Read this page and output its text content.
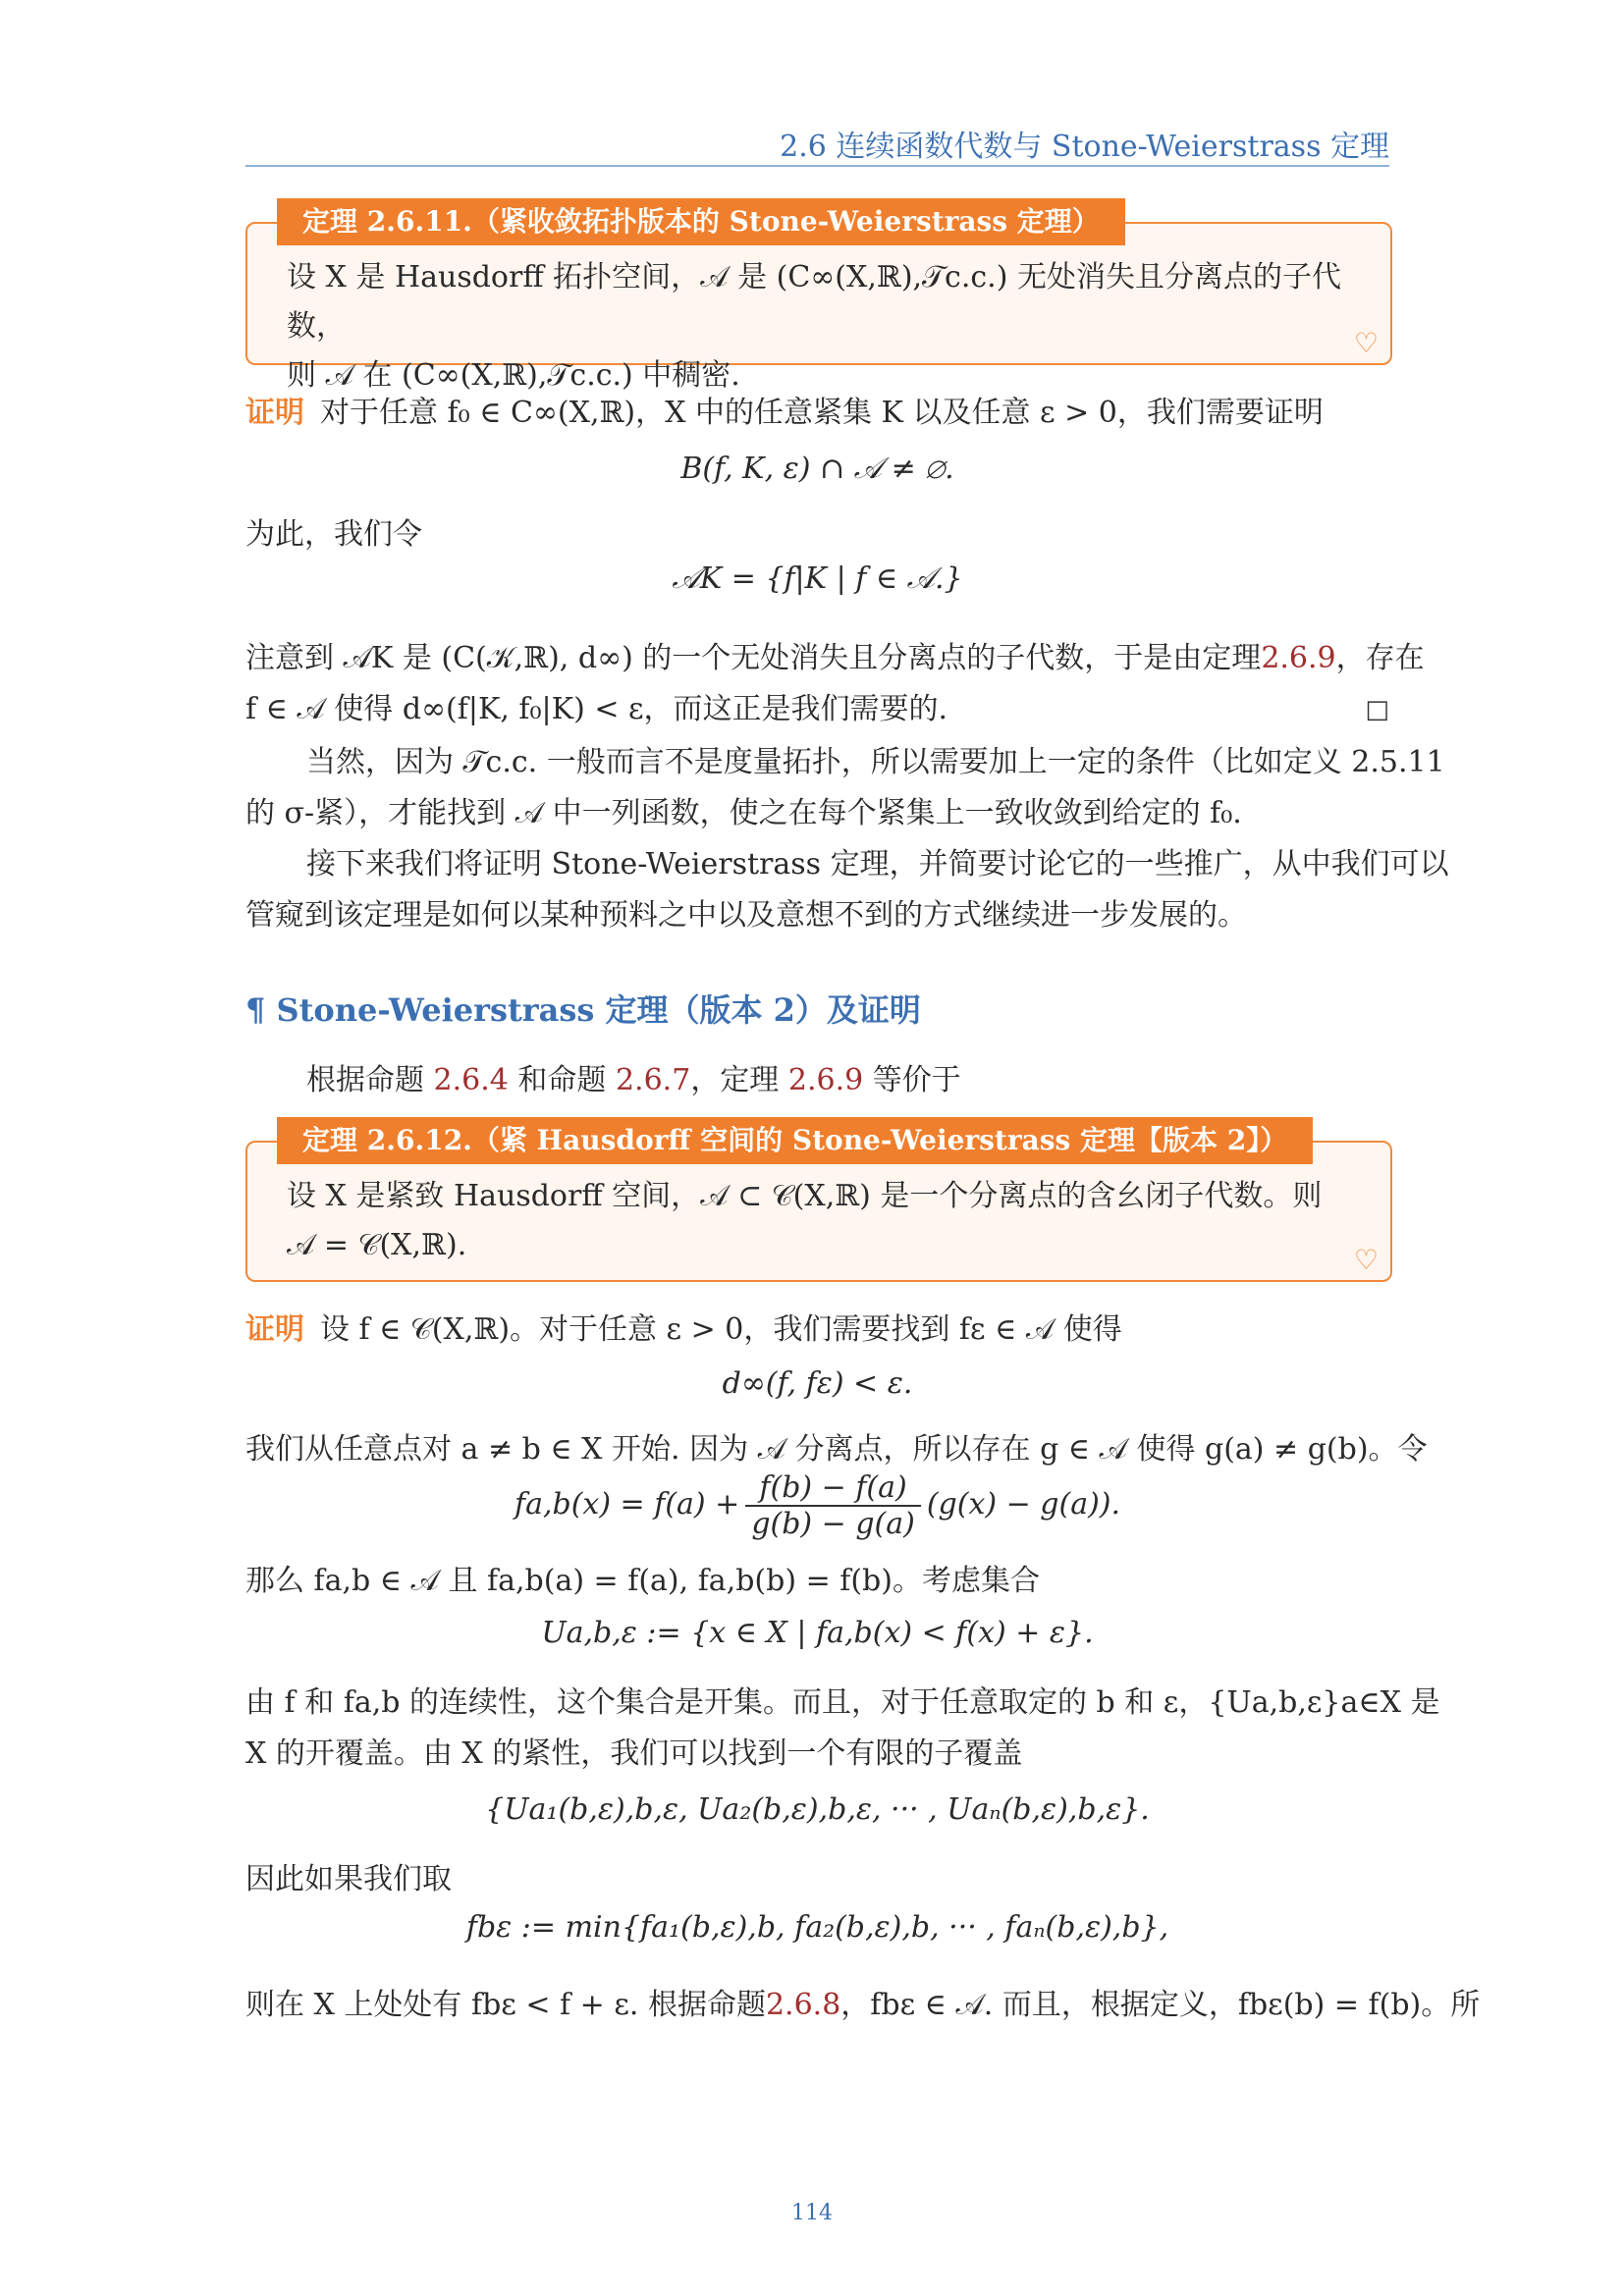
2.6 连续函数代数与 Stone-Weierstrass 定理
定理 2.6.11.（紧收敛拓扑版本的 Stone-Weierstrass 定理）
设 X 是 Hausdorff 拓扑空间，𝒜 是 (C∞(X,ℝ),𝒯c.c.) 无处消失且分离点的子代数，
则 𝒜 在 (C∞(X,ℝ),𝒯c.c.) 中稠密.
♡
证明 对于任意 f₀ ∈ C∞(X,ℝ)，X 中的任意紧集 K 以及任意 ε > 0，我们需要证明
B(f, K, ε) ∩ 𝒜 ≠ ∅.
为此，我们令
𝒜K = {f|K | f ∈ 𝒜.}
注意到 𝒜K 是 (C(𝒦,ℝ), d∞) 的一个无处消失且分离点的子代数，于是由定理2.6.9，存在
f ∈ 𝒜 使得 d∞(f|K, f₀|K) < ε，而这正是我们需要的.	□
当然，因为 𝒯c.c. 一般而言不是度量拓扑，所以需要加上一定的条件（比如定义 2.5.11
的 σ-紧），才能找到 𝒜 中一列函数，使之在每个紧集上一致收敛到给定的 f₀.
接下来我们将证明 Stone-Weierstrass 定理，并简要讨论它的一些推广，从中我们可以
管窥到该定理是如何以某种预料之中以及意想不到的方式继续进一步发展的。
¶ Stone-Weierstrass 定理（版本 2）及证明
根据命题 2.6.4 和命题 2.6.7，定理 2.6.9 等价于
定理 2.6.12.（紧 Hausdorff 空间的 Stone-Weierstrass 定理【版本 2】）
设 X 是紧致 Hausdorff 空间，𝒜 ⊂ 𝒞(X,ℝ) 是一个分离点的含幺闭子代数。则
𝒜 = 𝒞(X,ℝ).	♡
证明 设 f ∈ 𝒞(X,ℝ)。对于任意 ε > 0，我们需要找到 fε ∈ 𝒜 使得
d∞(f, fε) < ε.
我们从任意点对 a ≠ b ∈ X 开始. 因为 𝒜 分离点，所以存在 g ∈ 𝒜 使得 g(a) ≠ g(b)。令
$fa,b(x) = f(a) + \frac{f(b) - f(a)}{g(b) - g(a)} (g(x) - g(a))$.
那么 fa,b ∈ 𝒜 且 fa,b(a) = f(a), fa,b(b) = f(b)。考虑集合
Ua,b,ε := {x ∈ X | fa,b(x) < f(x) + ε}.
由 f 和 fa,b 的连续性，这个集合是开集。而且，对于任意取定的 b 和 ε，{Ua,b,ε}a∈X 是
X 的开覆盖。由 X 的紧性，我们可以找到一个有限的子覆盖
{Ua₁(b,ε),b,ε, Ua₂(b,ε),b,ε, ··· , Uaₙ(b,ε),b,ε}.
因此如果我们取
fbε := min{fa₁(b,ε),b, fa₂(b,ε),b, ··· , faₙ(b,ε),b},
则在 X 上处处有 fbε < f + ε. 根据命题2.6.8，fbε ∈ 𝒜. 而且，根据定义，fbε(b) = f(b)。所
114
